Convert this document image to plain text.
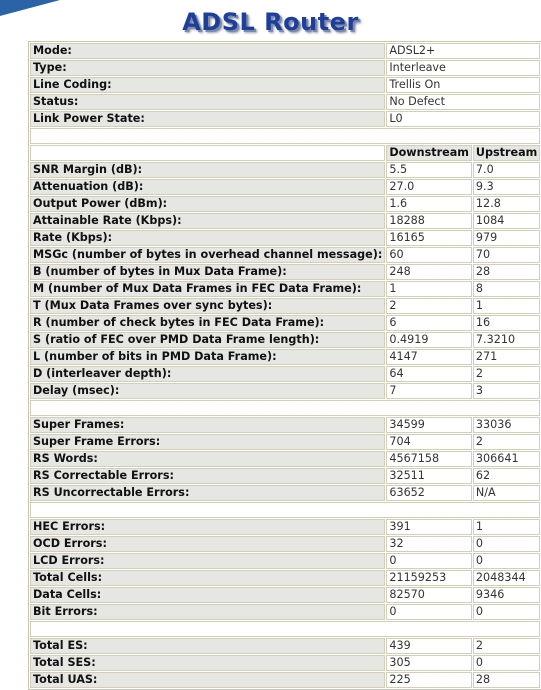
ADSL Router
Mode:	ADSL2+	
Type:	Interleave	
Line Coding:	Trellis On	
Status:	No Defect	
Link Power State:	L0	

	Downstream	Upstream
SNR Margin (dB):	5.5	7.0
Attenuation (dB):	27.0	9.3
Output Power (dBm):	1.6	12.8
Attainable Rate (Kbps):	18288	1084
Rate (Kbps):	16165	979
MSGc (number of bytes in overhead channel message):	60	70
B (number of bytes in Mux Data Frame):	248	28
M (number of Mux Data Frames in FEC Data Frame):	1	8
T (Mux Data Frames over sync bytes):	2	1
R (number of check bytes in FEC Data Frame):	6	16
S (ratio of FEC over PMD Data Frame length):	0.4919	7.3210
L (number of bits in PMD Data Frame):	4147	271
D (interleaver depth):	64	2
Delay (msec):	7	3

Super Frames:	34599	33036
Super Frame Errors:	704	2
RS Words:	4567158	306641
RS Correctable Errors:	32511	62
RS Uncorrectable Errors:	63652	N/A

HEC Errors:	391	1
OCD Errors:	32	0
LCD Errors:	0	0
Total Cells:	21159253	2048344
Data Cells:	82570	9346
Bit Errors:	0	0

Total ES:	439	2
Total SES:	305	0
Total UAS:	225	28
